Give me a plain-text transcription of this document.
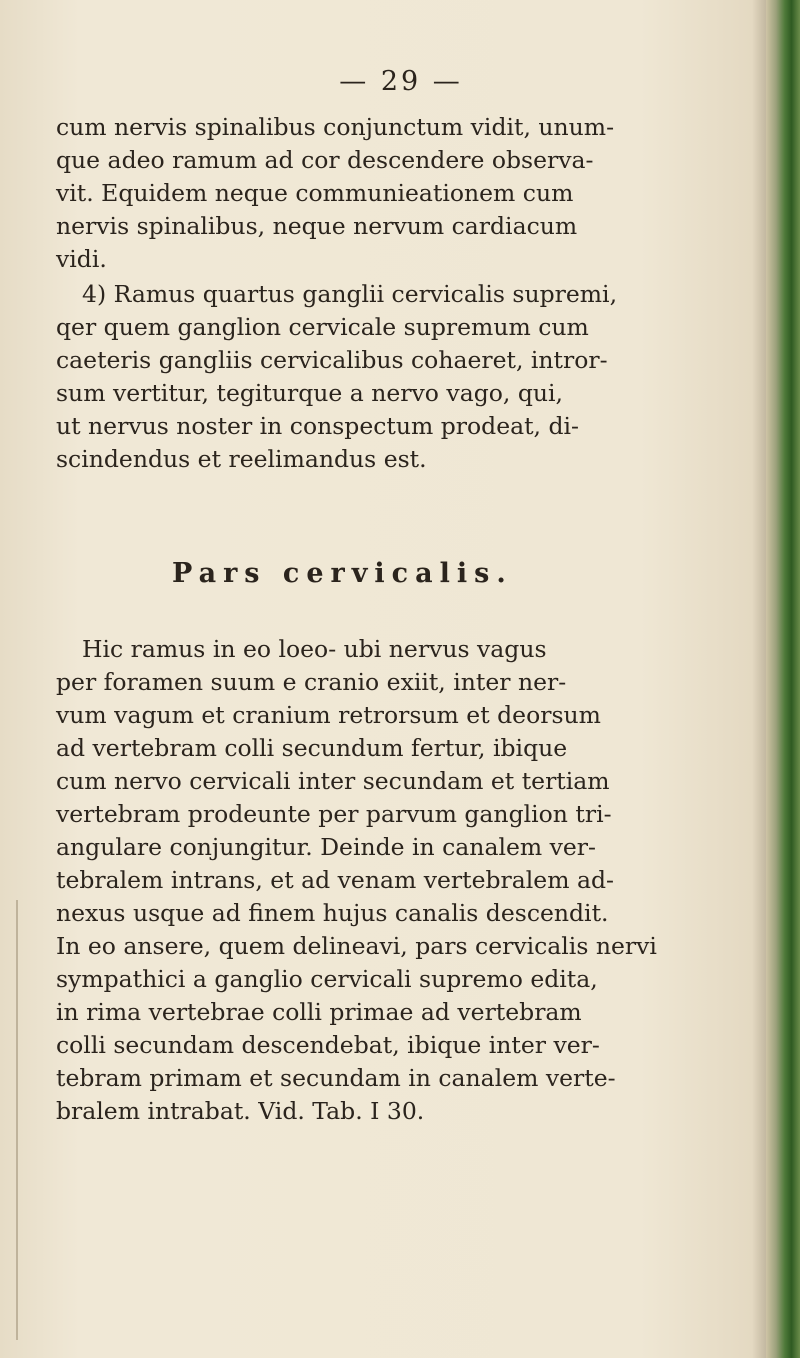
— 29 —
cum nervis spinalibus conjunctum vidit, unum-
que adeo ramum ad cor descendere observa-
vit. Equidem neque communieationem cum
nervis spinalibus, neque nervum cardiacum
vidi.
4) Ramus quartus ganglii cervicalis supremi,
qer quem ganglion cervicale supremum cum
caeteris gangliis cervicalibus cohaeret, intror-
sum vertitur, tegiturque a nervo vago, qui,
ut nervus noster in conspectum prodeat, di-
scindendus et reelimandus est.
Pars cervicalis.
Hic ramus in eo loeo- ubi nervus vagus
per foramen suum e cranio exiit, inter ner-
vum vagum et cranium retrorsum et deorsum
ad vertebram colli secundum fertur, ibique
cum nervo cervicali inter secundam et tertiam
vertebram prodeunte per parvum ganglion tri-
angulare conjungitur. Deinde in canalem ver-
tebralem intrans, et ad venam vertebralem ad-
nexus usque ad finem hujus canalis descendit.
In eo ansere, quem delineavi, pars cervicalis nervi
sympathici a ganglio cervicali supremo edita,
in rima vertebrae colli primae ad vertebram
colli secundam descendebat, ibique inter ver-
tebram primam et secundam in canalem verte-
bralem intrabat. Vid. Tab. I 30.
